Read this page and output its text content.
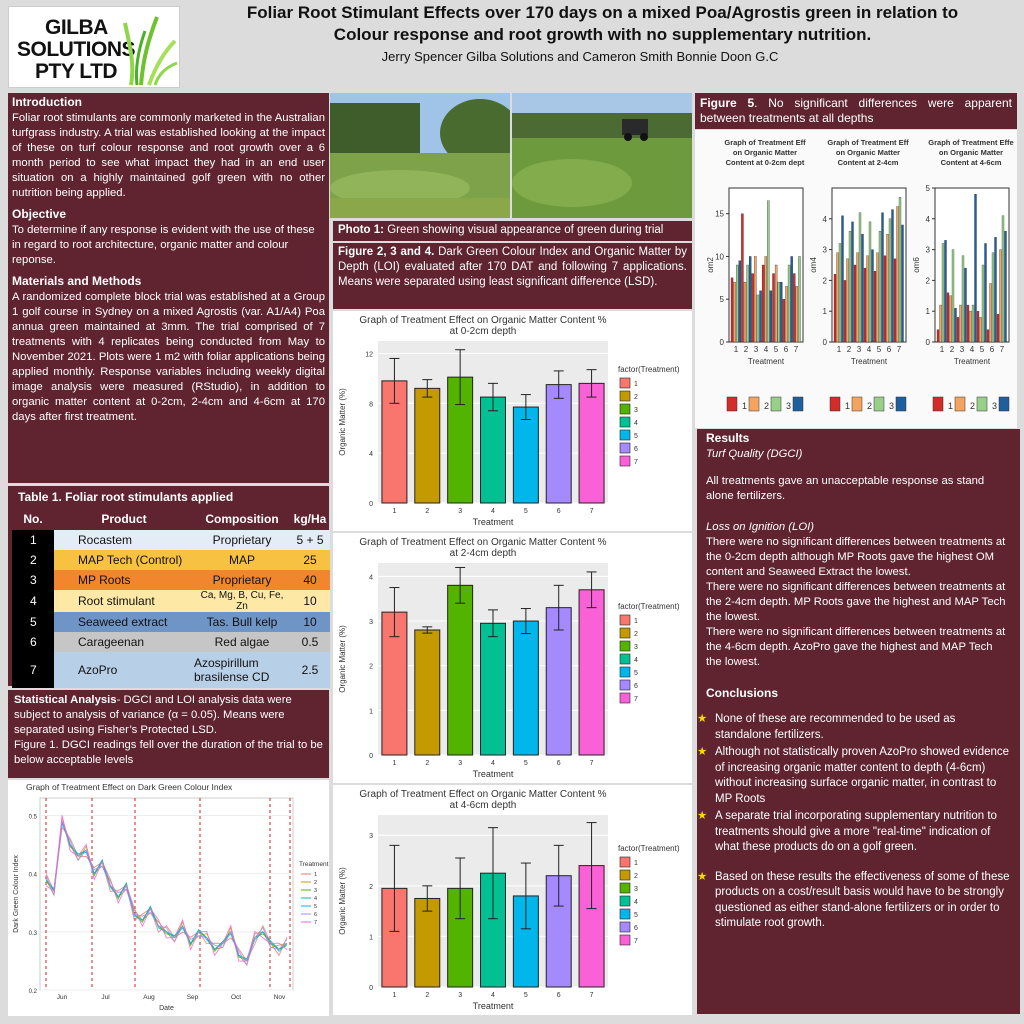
GILBA
SOLUTIONS
PTY LTD
Foliar Root Stimulant Effects over 170 days on a mixed Poa/Agrostis green in relation to
Colour response and root growth with no supplementary nutrition.
Jerry Spencer Gilba Solutions and Cameron Smith Bonnie Doon G.C
Introduction

Foliar root stimulants are commonly marketed in the Australian turfgrass industry. A trial was established looking at the impact of these on turf colour response and root growth over a 6 month period to see what impact they had in an end user situation on a highly maintained golf green with no other nutrition being applied.

Objective

To determine if any response is evident with the use of these in regard to root architecture, organic matter and colour reponse.

Materials and Methods

A randomized complete block trial was established at a Group 1 golf course in Sydney on a mixed Agrostis (var. A1/A4) Poa annua green maintained at 3mm. The trial comprised of 7 treatments with 4 replicates being conducted from May to November 2021. Plots were 1 m2 with foliar applications being applied monthly. Response variables including weekly digital image analysis were measured (RStudio), in addition to organic matter content at 0-2cm, 2-4cm and 4-6cm at 170 days after first treatment.

Table 1. Foliar root stimulants applied
No.	Product	Composition	kg/Ha
1	Rocastem	Proprietary	5 + 5
2	MAP Tech (Control)	MAP	25
3	MP Roots	Proprietary	40
4	Root stimulant	Ca, Mg, B, Cu, Fe, Zn	10
5	Seaweed extract	Tas. Bull kelp	10
6	Carageenan	Red algae	0.5
7	AzoPro	Azospirillum brasilense CD	2.5

Statistical Analysis- DGCI and LOI analysis data were subject to analysis of variance (α = 0.05). Means were separated using Fisher’s Protected LSD.

Figure 1. DGCI readings fell over the duration of the trial to be below acceptable levels

Graph of Treatment Effect on Dark Green Colour Index
0.2
0.3
0.4
0.5
Jun	Jul	Aug	Sep	Oct	Nov
Date
Dark Green Colour Index	Treatment
1
2
3
4
5
6
7
Photo 1: Green showing visual appearance of green during trial
Figure 2, 3 and 4. Dark Green Colour Index and Organic Matter by Depth (LOI) evaluated after 170 DAT and following 7 applications. Means were separated using least significant difference (LSD).
Graph of Treatment Effect on Organic Matter Content %
at 0-2cm depth
0
4
8
12
1	2	3	4	5	6	7
Treatment
Organic Matter (%)
factor(Treatment)
1
2
3
4
5
6
7
Graph of Treatment Effect on Organic Matter Content %
at 2-4cm depth
0
1
2
3
4
1	2	3	4	5	6	7
Treatment
Organic Matter (%)
factor(Treatment)
1
2
3
4
5
6
7
Graph of Treatment Effect on Organic Matter Content %
at 4-6cm depth
0
1
2
3
1	2	3	4	5	6	7
Treatment
Organic Matter (%)
factor(Treatment)
1
2
3
4
5
6
7
Figure 5. No significant differences were apparent between treatments at all depths
Graph of Treatment Eff
on Organic Matter
Content at 0-2cm dept
0
5
10
15
1 2 3 4 5 6 7
Treatment
om2
1 2 3
Graph of Treatment Eff
on Organic Matter
Content at 2-4cm
0
1
2
3
4
1 2 3 4 5 6 7
Treatment
om4
1 2 3
Graph of Treatment Effe
on Organic Matter
Content at 4-6cm
0
1
2
3
4
5
1 2 3 4 5 6 7
Treatment
om6
1 2 3
Results

Turf Quality (DGCI)

All treatments gave an unacceptable response as stand alone fertilizers.

Loss on Ignition (LOI)

There were no significant differences between treatments at the 0-2cm depth although MP Roots gave the highest OM content and Seaweed Extract the lowest.

There were no significant differences between treatments at the 2-4cm depth. MP Roots gave the highest and MAP Tech the lowest.

There were no significant differences between treatments at the 4-6cm depth. AzoPro gave the highest and MAP Tech the lowest.

Conclusions
★ None of these are recommended to be used as standalone fertilizers.
★ Although not statistically proven AzoPro showed evidence of increasing organic matter content to depth (4-6cm) without increasing surface organic matter, in contrast to MP Roots
★ A separate trial incorporating supplementary nutrition to treatments should give a more "real-time" indication of what these products do on a golf green.
★ Based on these results the effectiveness of some of these products on a cost/result basis would have to be strongly questioned as either stand-alone fertilizers or in order to stimulate root growth.
